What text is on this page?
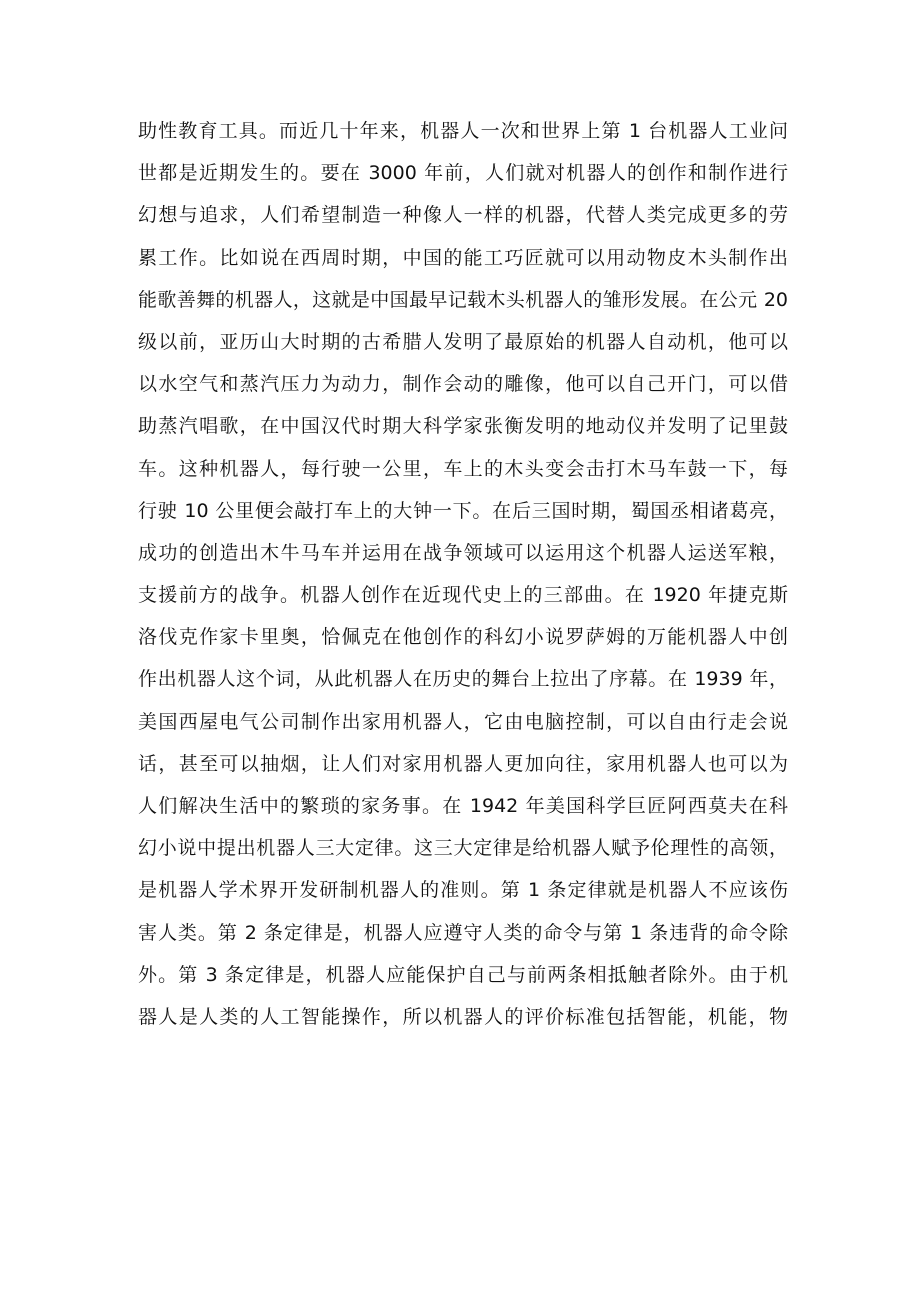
助性教育工具。而近几十年来，机器人一次和世界上第 1 台机器人工业问
世都是近期发生的。要在 3000 年前，人们就对机器人的创作和制作进行
幻想与追求，人们希望制造一种像人一样的机器，代替人类完成更多的劳
累工作。比如说在西周时期，中国的能工巧匠就可以用动物皮木头制作出
能歌善舞的机器人，这就是中国最早记载木头机器人的雏形发展。在公元 20
级以前，亚历山大时期的古希腊人发明了最原始的机器人自动机，他可以
以水空气和蒸汽压力为动力，制作会动的雕像，他可以自己开门，可以借
助蒸汽唱歌，在中国汉代时期大科学家张衡发明的地动仪并发明了记里鼓
车。这种机器人，每行驶一公里，车上的木头变会击打木马车鼓一下，每
行驶 10 公里便会敲打车上的大钟一下。在后三国时期，蜀国丞相诸葛亮，
成功的创造出木牛马车并运用在战争领域可以运用这个机器人运送军粮，
支援前方的战争。机器人创作在近现代史上的三部曲。在 1920 年捷克斯
洛伐克作家卡里奥，恰佩克在他创作的科幻小说罗萨姆的万能机器人中创
作出机器人这个词，从此机器人在历史的舞台上拉出了序幕。在 1939 年，
美国西屋电气公司制作出家用机器人，它由电脑控制，可以自由行走会说
话，甚至可以抽烟，让人们对家用机器人更加向往，家用机器人也可以为
人们解决生活中的繁琐的家务事。在 1942 年美国科学巨匠阿西莫夫在科
幻小说中提出机器人三大定律。这三大定律是给机器人赋予伦理性的高领，
是机器人学术界开发研制机器人的准则。第 1 条定律就是机器人不应该伤
害人类。第 2 条定律是，机器人应遵守人类的命令与第 1 条违背的命令除
外。第 3 条定律是，机器人应能保护自己与前两条相抵触者除外。由于机
器人是人类的人工智能操作，所以机器人的评价标准包括智能，机能，物
